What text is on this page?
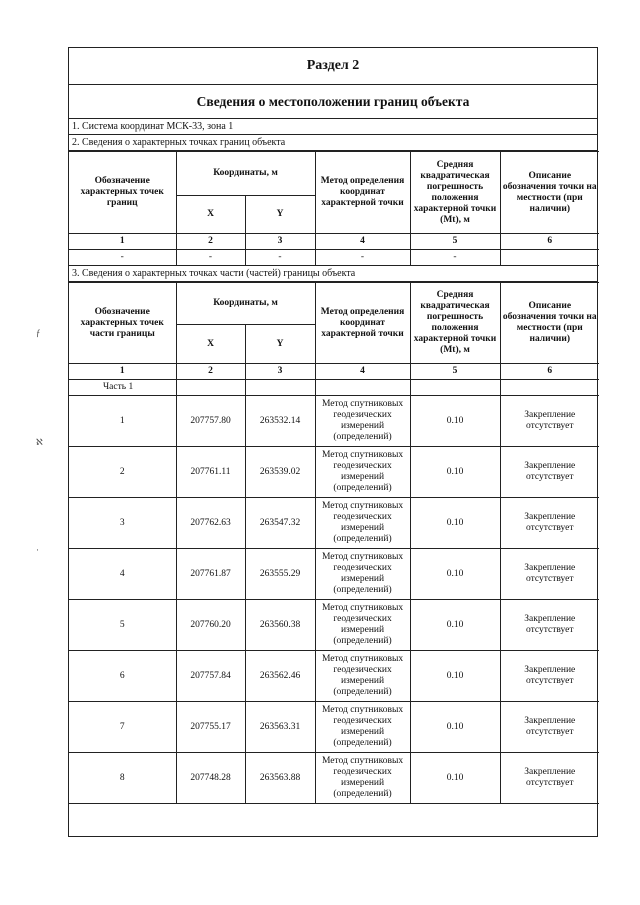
ƒ
ℵ
·
Раздел 2
Сведения о местоположении границ объекта
1. Система координат МСК-33, зона 1
2. Сведения о характерных точках границ объекта
Обозначение характерных точек границ	Координаты, м		Метод определения координат характерной точки	Средняя квадратическая погрешность положения характерной точки (Mt), м	Описание обозначения точки на местности (при наличии)
	X	Y			
1	2	3	4	5	6
-	-	-	-	-	
3. Сведения о характерных точках части (частей) границы объекта
Обозначение характерных точек части границы	Координаты, м		Метод определения координат характерной точки	Средняя квадратическая погрешность положения характерной точки (Mt), м	Описание обозначения точки на местности (при наличии)
	X	Y			
1	2	3	4	5	6
Часть 1					
1	207757.80	263532.14	Метод спутниковых геодезических измерений (определений)	0.10	Закрепление отсутствует
2	207761.11	263539.02	Метод спутниковых геодезических измерений (определений)	0.10	Закрепление отсутствует
3	207762.63	263547.32	Метод спутниковых геодезических измерений (определений)	0.10	Закрепление отсутствует
4	207761.87	263555.29	Метод спутниковых геодезических измерений (определений)	0.10	Закрепление отсутствует
5	207760.20	263560.38	Метод спутниковых геодезических измерений (определений)	0.10	Закрепление отсутствует
6	207757.84	263562.46	Метод спутниковых геодезических измерений (определений)	0.10	Закрепление отсутствует
7	207755.17	263563.31	Метод спутниковых геодезических измерений (определений)	0.10	Закрепление отсутствует
8	207748.28	263563.88	Метод спутниковых геодезических измерений (определений)	0.10	Закрепление отсутствует
